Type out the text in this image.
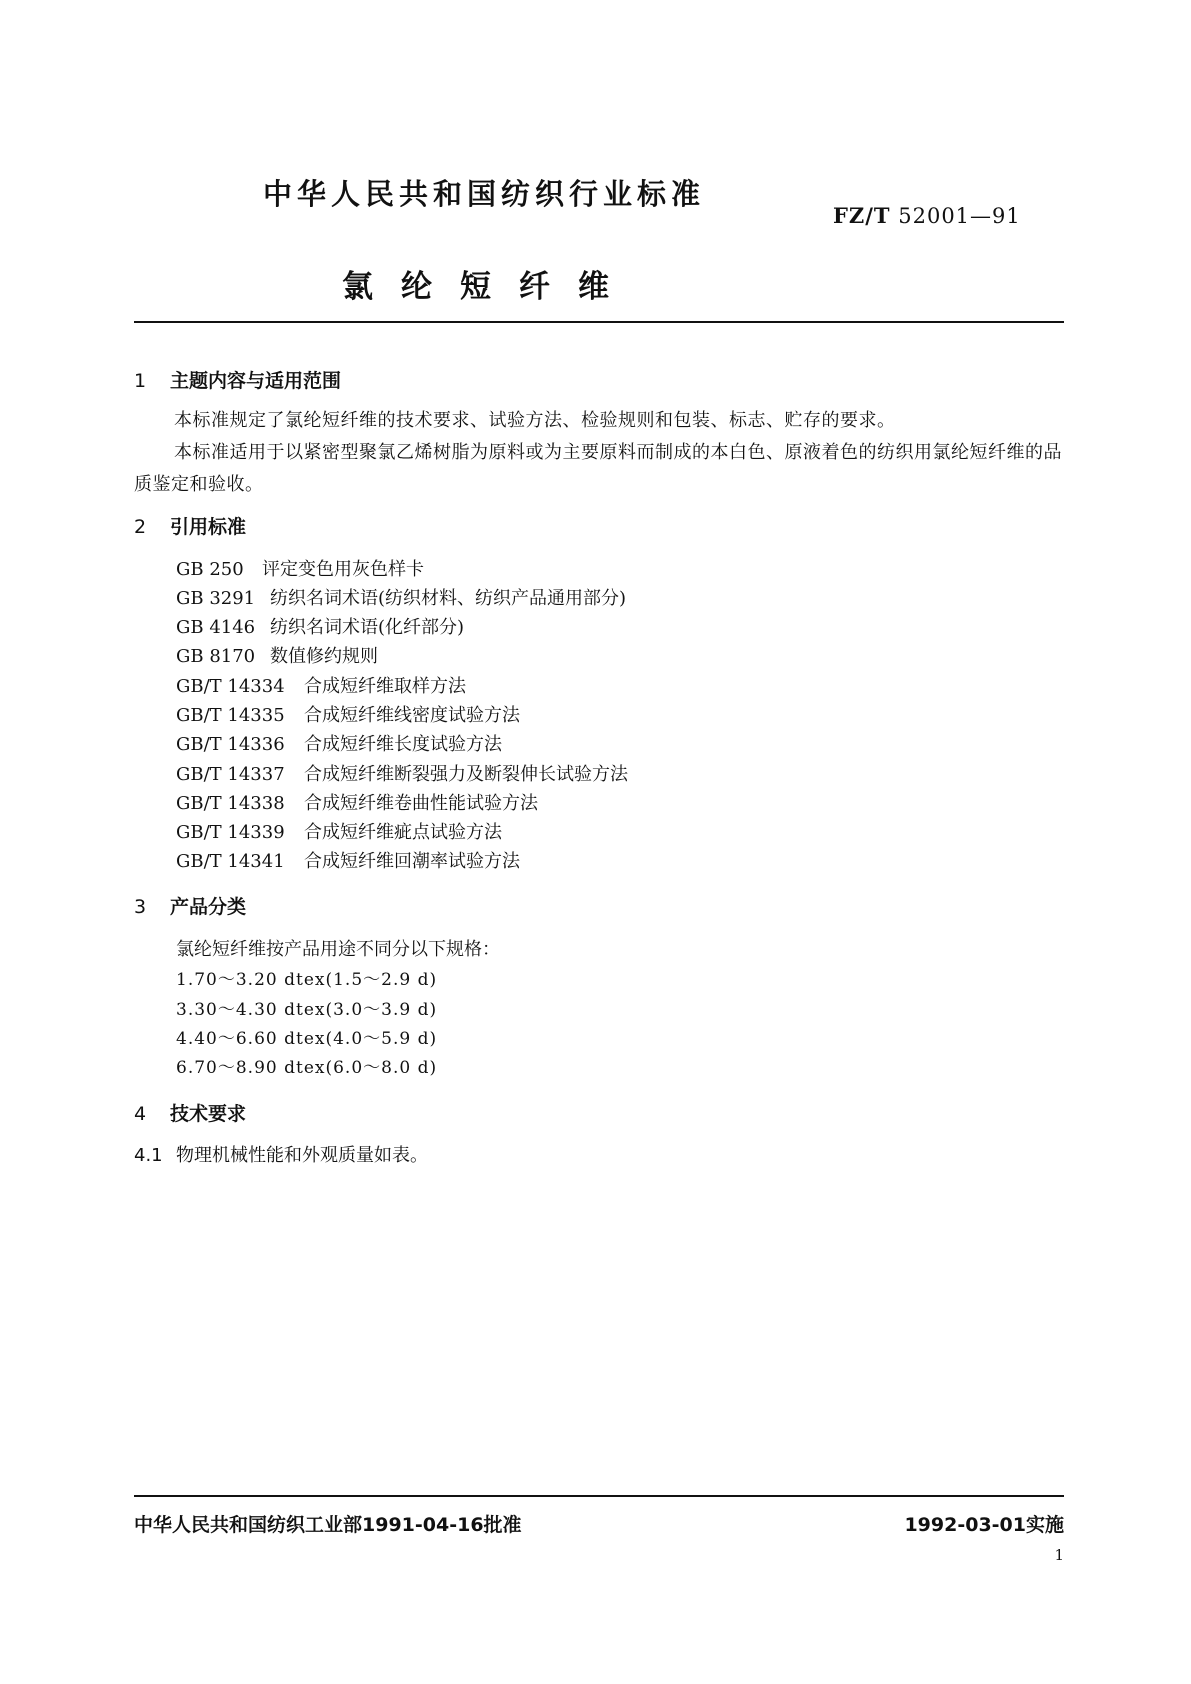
中华人民共和国纺织行业标准
FZ/T 52001—91
氯纶短纤维
1 主题内容与适用范围
本标准规定了氯纶短纤维的技术要求、试验方法、检验规则和包装、标志、贮存的要求。
本标准适用于以紧密型聚氯乙烯树脂为原料或为主要原料而制成的本白色、原液着色的纺织用氯纶短纤维的品质鉴定和验收。
2 引用标准
GB 250 评定变色用灰色样卡
GB 3291 纺织名词术语(纺织材料、纺织产品通用部分)
GB 4146 纺织名词术语(化纤部分)
GB 8170 数值修约规则
GB/T 14334 合成短纤维取样方法
GB/T 14335 合成短纤维线密度试验方法
GB/T 14336 合成短纤维长度试验方法
GB/T 14337 合成短纤维断裂强力及断裂伸长试验方法
GB/T 14338 合成短纤维卷曲性能试验方法
GB/T 14339 合成短纤维疵点试验方法
GB/T 14341 合成短纤维回潮率试验方法
3 产品分类
氯纶短纤维按产品用途不同分以下规格：
1.70～3.20 dtex(1.5～2.9 d)
3.30～4.30 dtex(3.0～3.9 d)
4.40～6.60 dtex(4.0～5.9 d)
6.70～8.90 dtex(6.0～8.0 d)
4 技术要求
4.1 物理机械性能和外观质量如表。
中华人民共和国纺织工业部1991-04-16批准	1992-03-01实施
1
